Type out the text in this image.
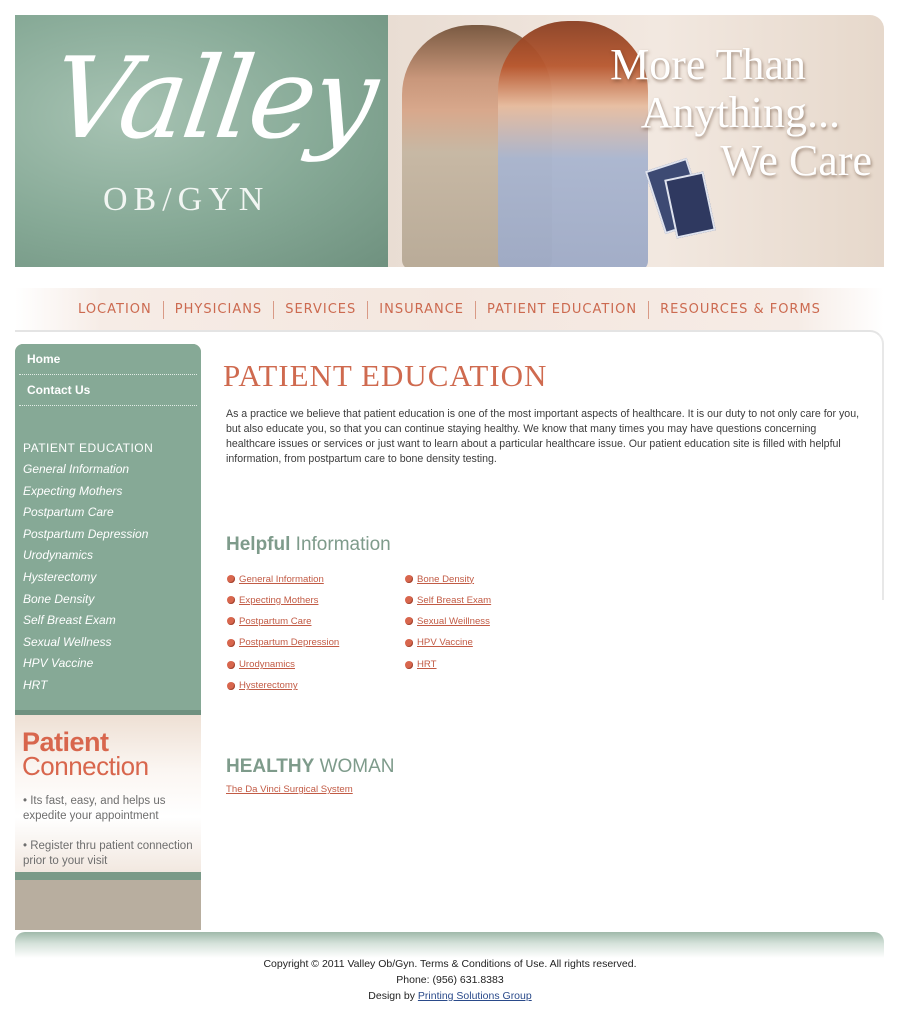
Valley
OB/GYN
More Than
Anything...
We Care
LOCATION	PHYSICIANS	SERVICES	INSURANCE	PATIENT EDUCATION	RESOURCES & FORMS
Home
Contact Us
PATIENT EDUCATION
General Information
Expecting Mothers
Postpartum Care
Postpartum Depression
Urodynamics
Hysterectomy
Bone Density
Self Breast Exam
Sexual Wellness
HPV Vaccine
HRT
Patient
Connection
• Its fast, easy, and helps us expedite your appointment
• Register thru patient connection prior to your visit
PATIENT EDUCATION
As a practice we believe that patient education is one of the most important aspects of healthcare. It is our duty to not only care for you, but also educate you, so that you can continue staying healthy. We know that many times you may have questions concerning healthcare issues or services or just want to learn about a particular healthcare issue. Our patient education site is filled with helpful information, from postpartum care to bone density testing.
Helpful Information
General Information
Expecting Mothers
Postpartum Care
Postpartum Depression
Urodynamics
Hysterectomy
Bone Density
Self Breast Exam
Sexual Weillness
HPV Vaccine
HRT
HEALTHY WOMAN
The Da Vinci Surgical System
Copyright © 2011 Valley Ob/Gyn. Terms & Conditions of Use. All rights reserved.
Phone: (956) 631.8383
Design by Printing Solutions Group
